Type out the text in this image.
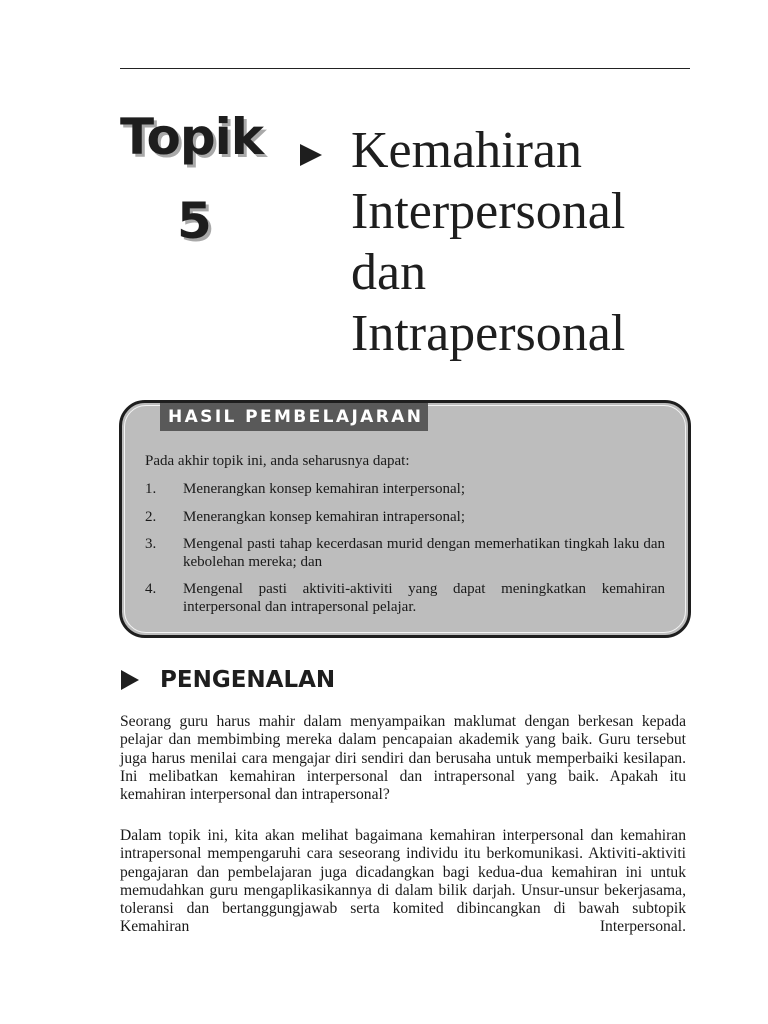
Topik
5
Kemahiran
Interpersonal
dan
Intrapersonal
HASIL PEMBELAJARAN
Pada akhir topik ini, anda seharusnya dapat:
1. Menerangkan konsep kemahiran interpersonal;
2. Menerangkan konsep kemahiran intrapersonal;
3. Mengenal pasti tahap kecerdasan murid dengan memerhatikan tingkah laku dan kebolehan mereka; dan
4. Mengenal pasti aktiviti-aktiviti yang dapat meningkatkan kemahiran interpersonal dan intrapersonal pelajar.
PENGENALAN

Seorang guru harus mahir dalam menyampaikan maklumat dengan berkesan kepada pelajar dan membimbing mereka dalam pencapaian akademik yang baik. Guru tersebut juga harus menilai cara mengajar diri sendiri dan berusaha untuk memperbaiki kesilapan. Ini melibatkan kemahiran interpersonal dan intrapersonal yang baik. Apakah itu kemahiran interpersonal dan intrapersonal?

Dalam topik ini, kita akan melihat bagaimana kemahiran interpersonal dan kemahiran intrapersonal mempengaruhi cara seseorang individu itu berkomunikasi. Aktiviti-aktiviti pengajaran dan pembelajaran juga dicadangkan bagi kedua-dua kemahiran ini untuk memudahkan guru mengaplikasikannya di dalam bilik darjah. Unsur-unsur bekerjasama, toleransi dan bertanggungjawab serta komited dibincangkan di bawah subtopik Kemahiran Interpersonal.
